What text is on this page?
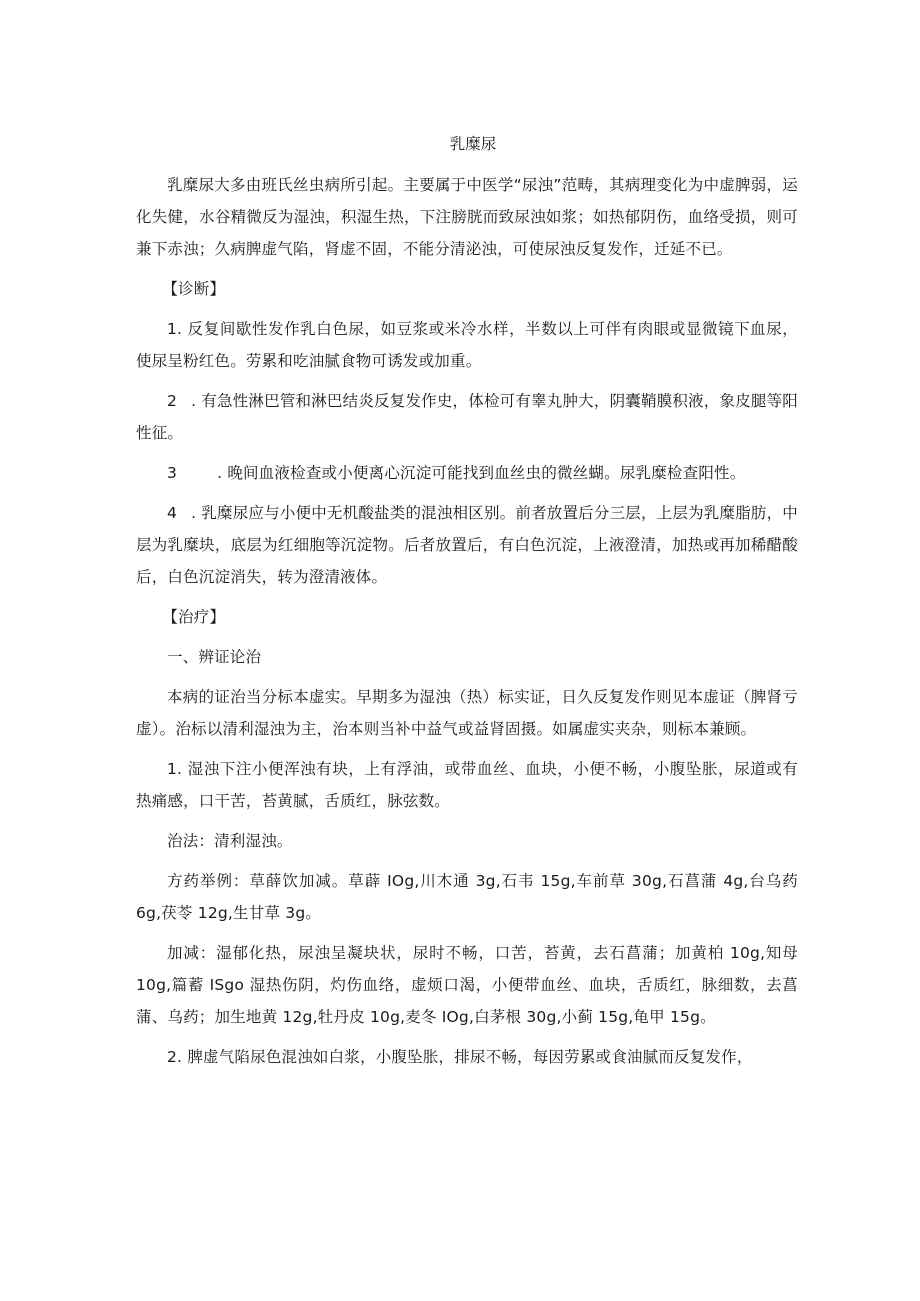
乳糜尿

乳糜尿大多由班氏丝虫病所引起。主要属于中医学“尿浊”范畴，其病理变化为中虚脾弱，运化失健，水谷精微反为湿浊，积湿生热，下注膀胱而致尿浊如浆；如热郁阴伤，血络受损，则可兼下赤浊；久病脾虚气陷，肾虚不固，不能分清泌浊，可使尿浊反复发作，迁延不已。

【诊断】

1. 反复间歇性发作乳白色尿，如豆浆或米冷水样，半数以上可伴有肉眼或显微镜下血尿，使尿呈粉红色。劳累和吃油腻食物可诱发或加重。

2 . 有急性淋巴管和淋巴结炎反复发作史，体检可有睾丸肿大，阴囊鞘膜积液，象皮腿等阳性征。

3	. 晚间血液检查或小便离心沉淀可能找到血丝虫的微丝蝴。尿乳糜检查阳性。

4 . 乳糜尿应与小便中无机酸盐类的混浊相区别。前者放置后分三层，上层为乳糜脂肪，中层为乳糜块，底层为红细胞等沉淀物。后者放置后，有白色沉淀，上液澄清，加热或再加稀醋酸后，白色沉淀消失，转为澄清液体。

【治疗】

一、辨证论治

本病的证治当分标本虚实。早期多为湿浊（热）标实证，日久反复发作则见本虚证（脾肾亏虚）。治标以清利湿浊为主，治本则当补中益气或益肾固摄。如属虚实夹杂，则标本兼顾。

1. 湿浊下注小便浑浊有块，上有浮油，或带血丝、血块，小便不畅，小腹坠胀，尿道或有热痛感，口干苦，苔黄腻，舌质红，脉弦数。

治法：清利湿浊。

方药举例：草薛饮加减。草薜 IOg,川木通 3g,石韦 15g,车前草 30g,石菖蒲 4g,台乌药 6g,茯苓 12g,生甘草 3g。

加减：湿郁化热，尿浊呈凝块状，尿时不畅，口苦，苔黄，去石菖蒲；加黄柏 10g,知母 10g,篇蓄 ISgo 湿热伤阴，灼伤血络，虚烦口渴，小便带血丝、血块，舌质红，脉细数，去菖蒲、乌药；加生地黄 12g,牡丹皮 10g,麦冬 IOg,白茅根 30g,小蓟 15g,龟甲 15g。

2. 脾虚气陷尿色混浊如白浆，小腹坠胀，排尿不畅，每因劳累或食油腻而反复发作，
